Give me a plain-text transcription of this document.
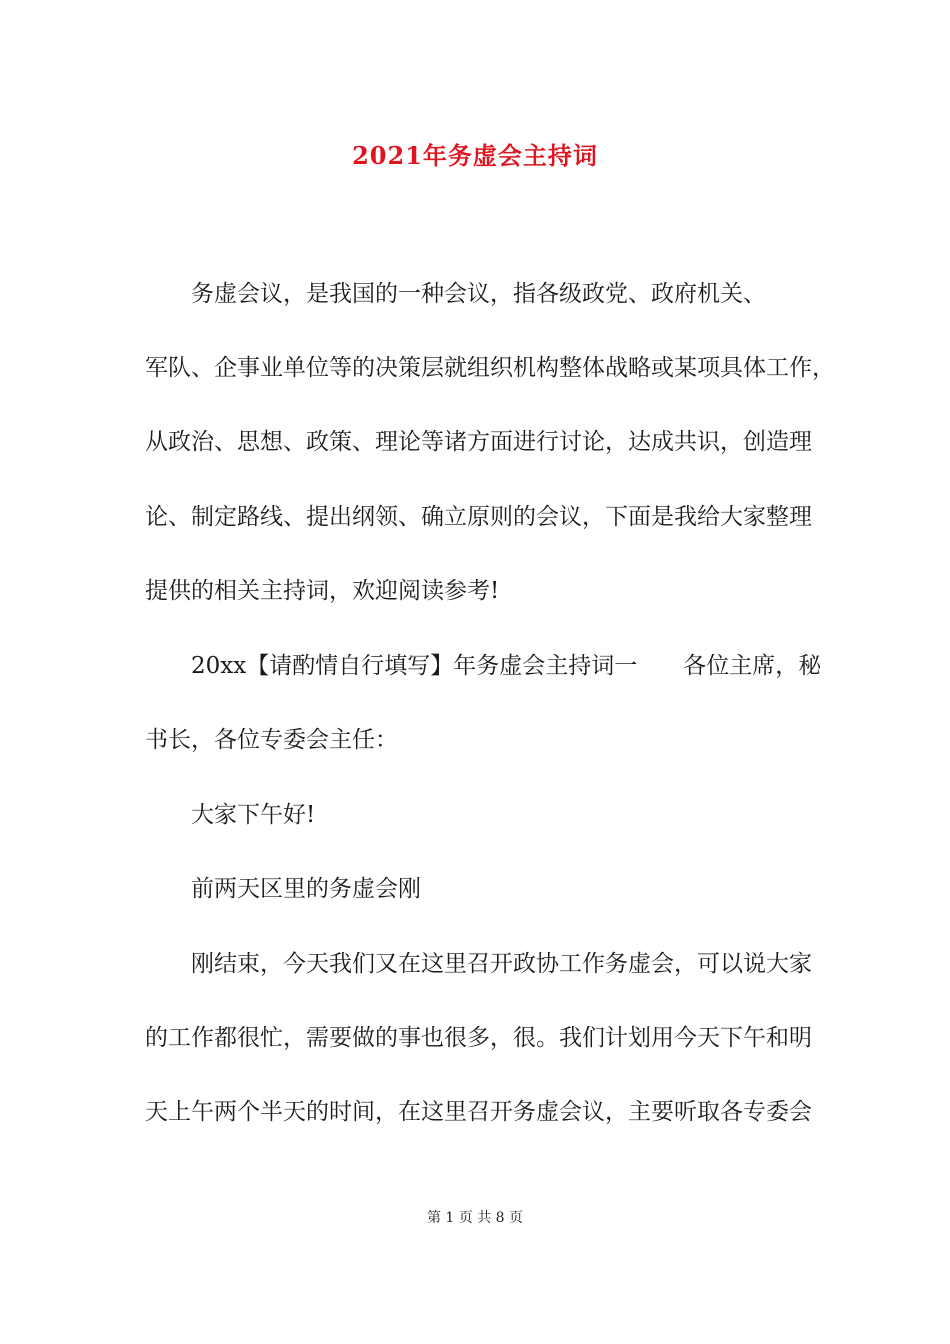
2021年务虚会主持词
　　务虚会议，是我国的一种会议，指各级政党、政府机关、
军队、企事业单位等的决策层就组织机构整体战略或某项具体工作，
从政治、思想、政策、理论等诸方面进行讨论，达成共识，创造理
论、制定路线、提出纲领、确立原则的会议，下面是我给大家整理
提供的相关主持词，欢迎阅读参考!
　　20xx【请酌情自行填写】年务虚会主持词一　　各位主席，秘
书长，各位专委会主任：
　　大家下午好!
　　前两天区里的务虚会刚
　　刚结束，今天我们又在这里召开政协工作务虚会，可以说大家
的工作都很忙，需要做的事也很多，很。我们计划用今天下午和明
天上午两个半天的时间，在这里召开务虚会议，主要听取各专委会
第 1 页 共 8 页
